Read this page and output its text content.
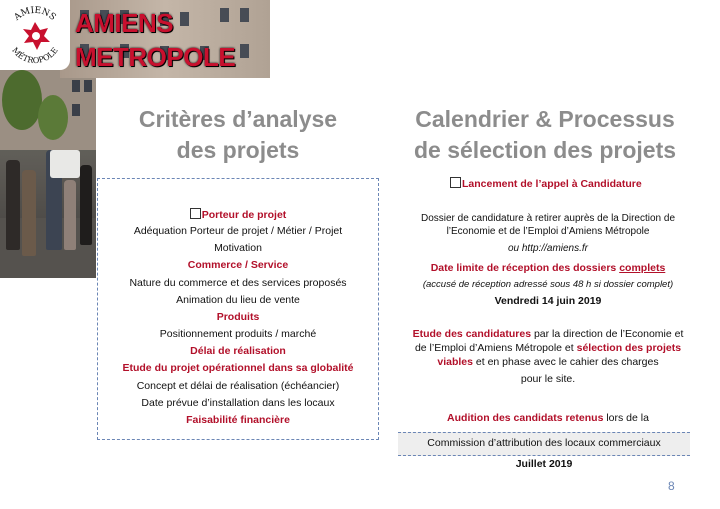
AMIENS
MÉTROPOLE
AMIENS
METROPOLE
Critères d’analyse
des projets
Calendrier & Processus
de sélection des projets
Porteur de projet
Adéquation Porteur de projet / Métier / Projet
Motivation
Commerce / Service
Nature du commerce et des services proposés
Animation du lieu de vente
Produits
Positionnement produits / marché
Délai de réalisation
Etude du projet opérationnel dans sa globalité
Concept et délai de réalisation (échéancier)
Date prévue d’installation dans les locaux
Faisabilité financière
Lancement de l’appel à Candidature
Dossier de candidature à retirer auprès de la Direction de
l’Economie et de l’Emploi d’Amiens Métropole
ou http://amiens.fr
Date limite de réception des dossiers complets
(accusé de réception adressé sous 48 h si dossier complet)
Vendredi 14 juin 2019
Etude des candidatures par la direction de l’Economie et
de l’Emploi d’Amiens Métropole et sélection des projets
viables et en phase avec le cahier des charges
pour le site.
Audition des candidats retenus lors de la
Commission d’attribution des locaux commerciaux
Juillet 2019
8
